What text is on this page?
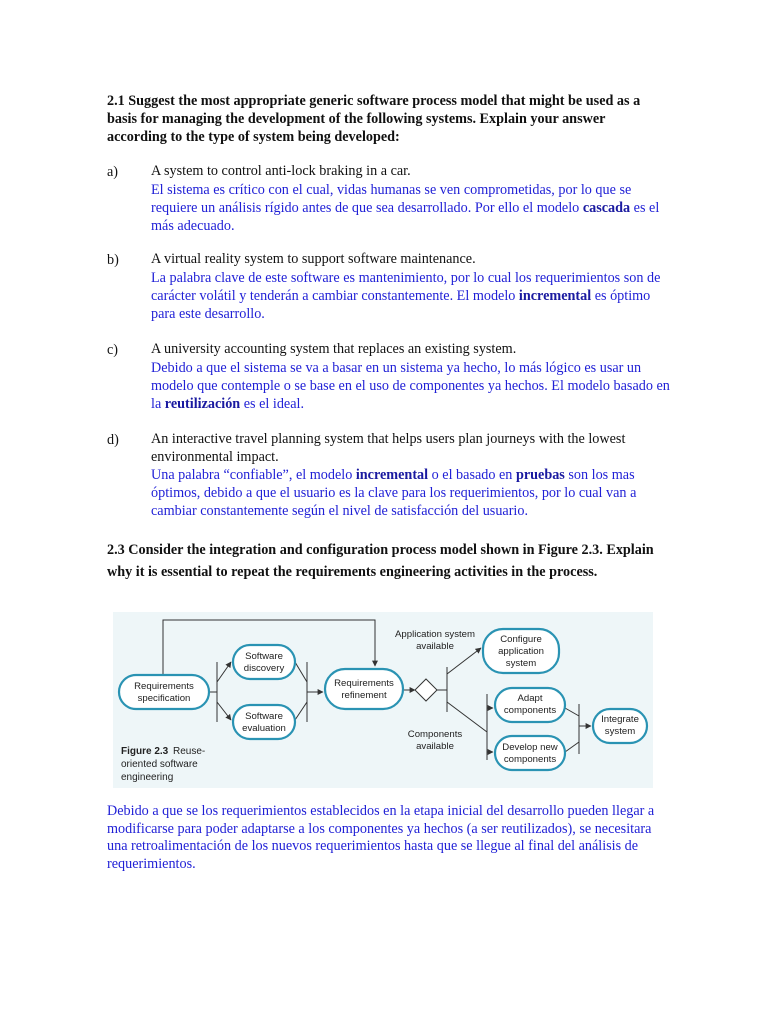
2.1 Suggest the most appropriate generic software process model that might be used as a basis for managing the development of the following systems. Explain your answer according to the type of system being developed:

a) A system to control anti-lock braking in a car.
El sistema es crítico con el cual, vidas humanas se ven comprometidas, por lo que se requiere un análisis rígido antes de que sea desarrollado. Por ello el modelo cascada es el más adecuado.
b) A virtual reality system to support software maintenance.
La palabra clave de este software es mantenimiento, por lo cual los requerimientos son de carácter volátil y tenderán a cambiar constantemente. El modelo incremental es óptimo para este desarrollo.
c) A university accounting system that replaces an existing system.
Debido a que el sistema se va a basar en un sistema ya hecho, lo más lógico es usar un modelo que contemple o se base en el uso de componentes ya hechos. El modelo basado en la reutilización es el ideal.
d) An interactive travel planning system that helps users plan journeys with the lowest environmental impact.
Una palabra “confiable”, el modelo incremental o el basado en pruebas son los mas óptimos, debido a que el usuario es la clave para los requerimientos, por lo cual van a cambiar constantemente según el nivel de satisfacción del usuario.

2.3 Consider the integration and configuration process model shown in Figure 2.3. Explain why it is essential to repeat the requirements engineering activities in the process.

Requirements
specification
Software
discovery
Software
evaluation
Requirements
refinement
Configure
application
system
Adapt
components
Develop new
components
Integrate
system
Application system
available
Components
available
Figure 2.3 Reuse-
oriented software
engineering
Debido a que se los requerimientos establecidos en la etapa inicial del desarrollo pueden llegar a modificarse para poder adaptarse a los componentes ya hechos (a ser reutilizados), se necesitara una retroalimentación de los nuevos requerimientos hasta que se llegue al final del análisis de requerimientos.
